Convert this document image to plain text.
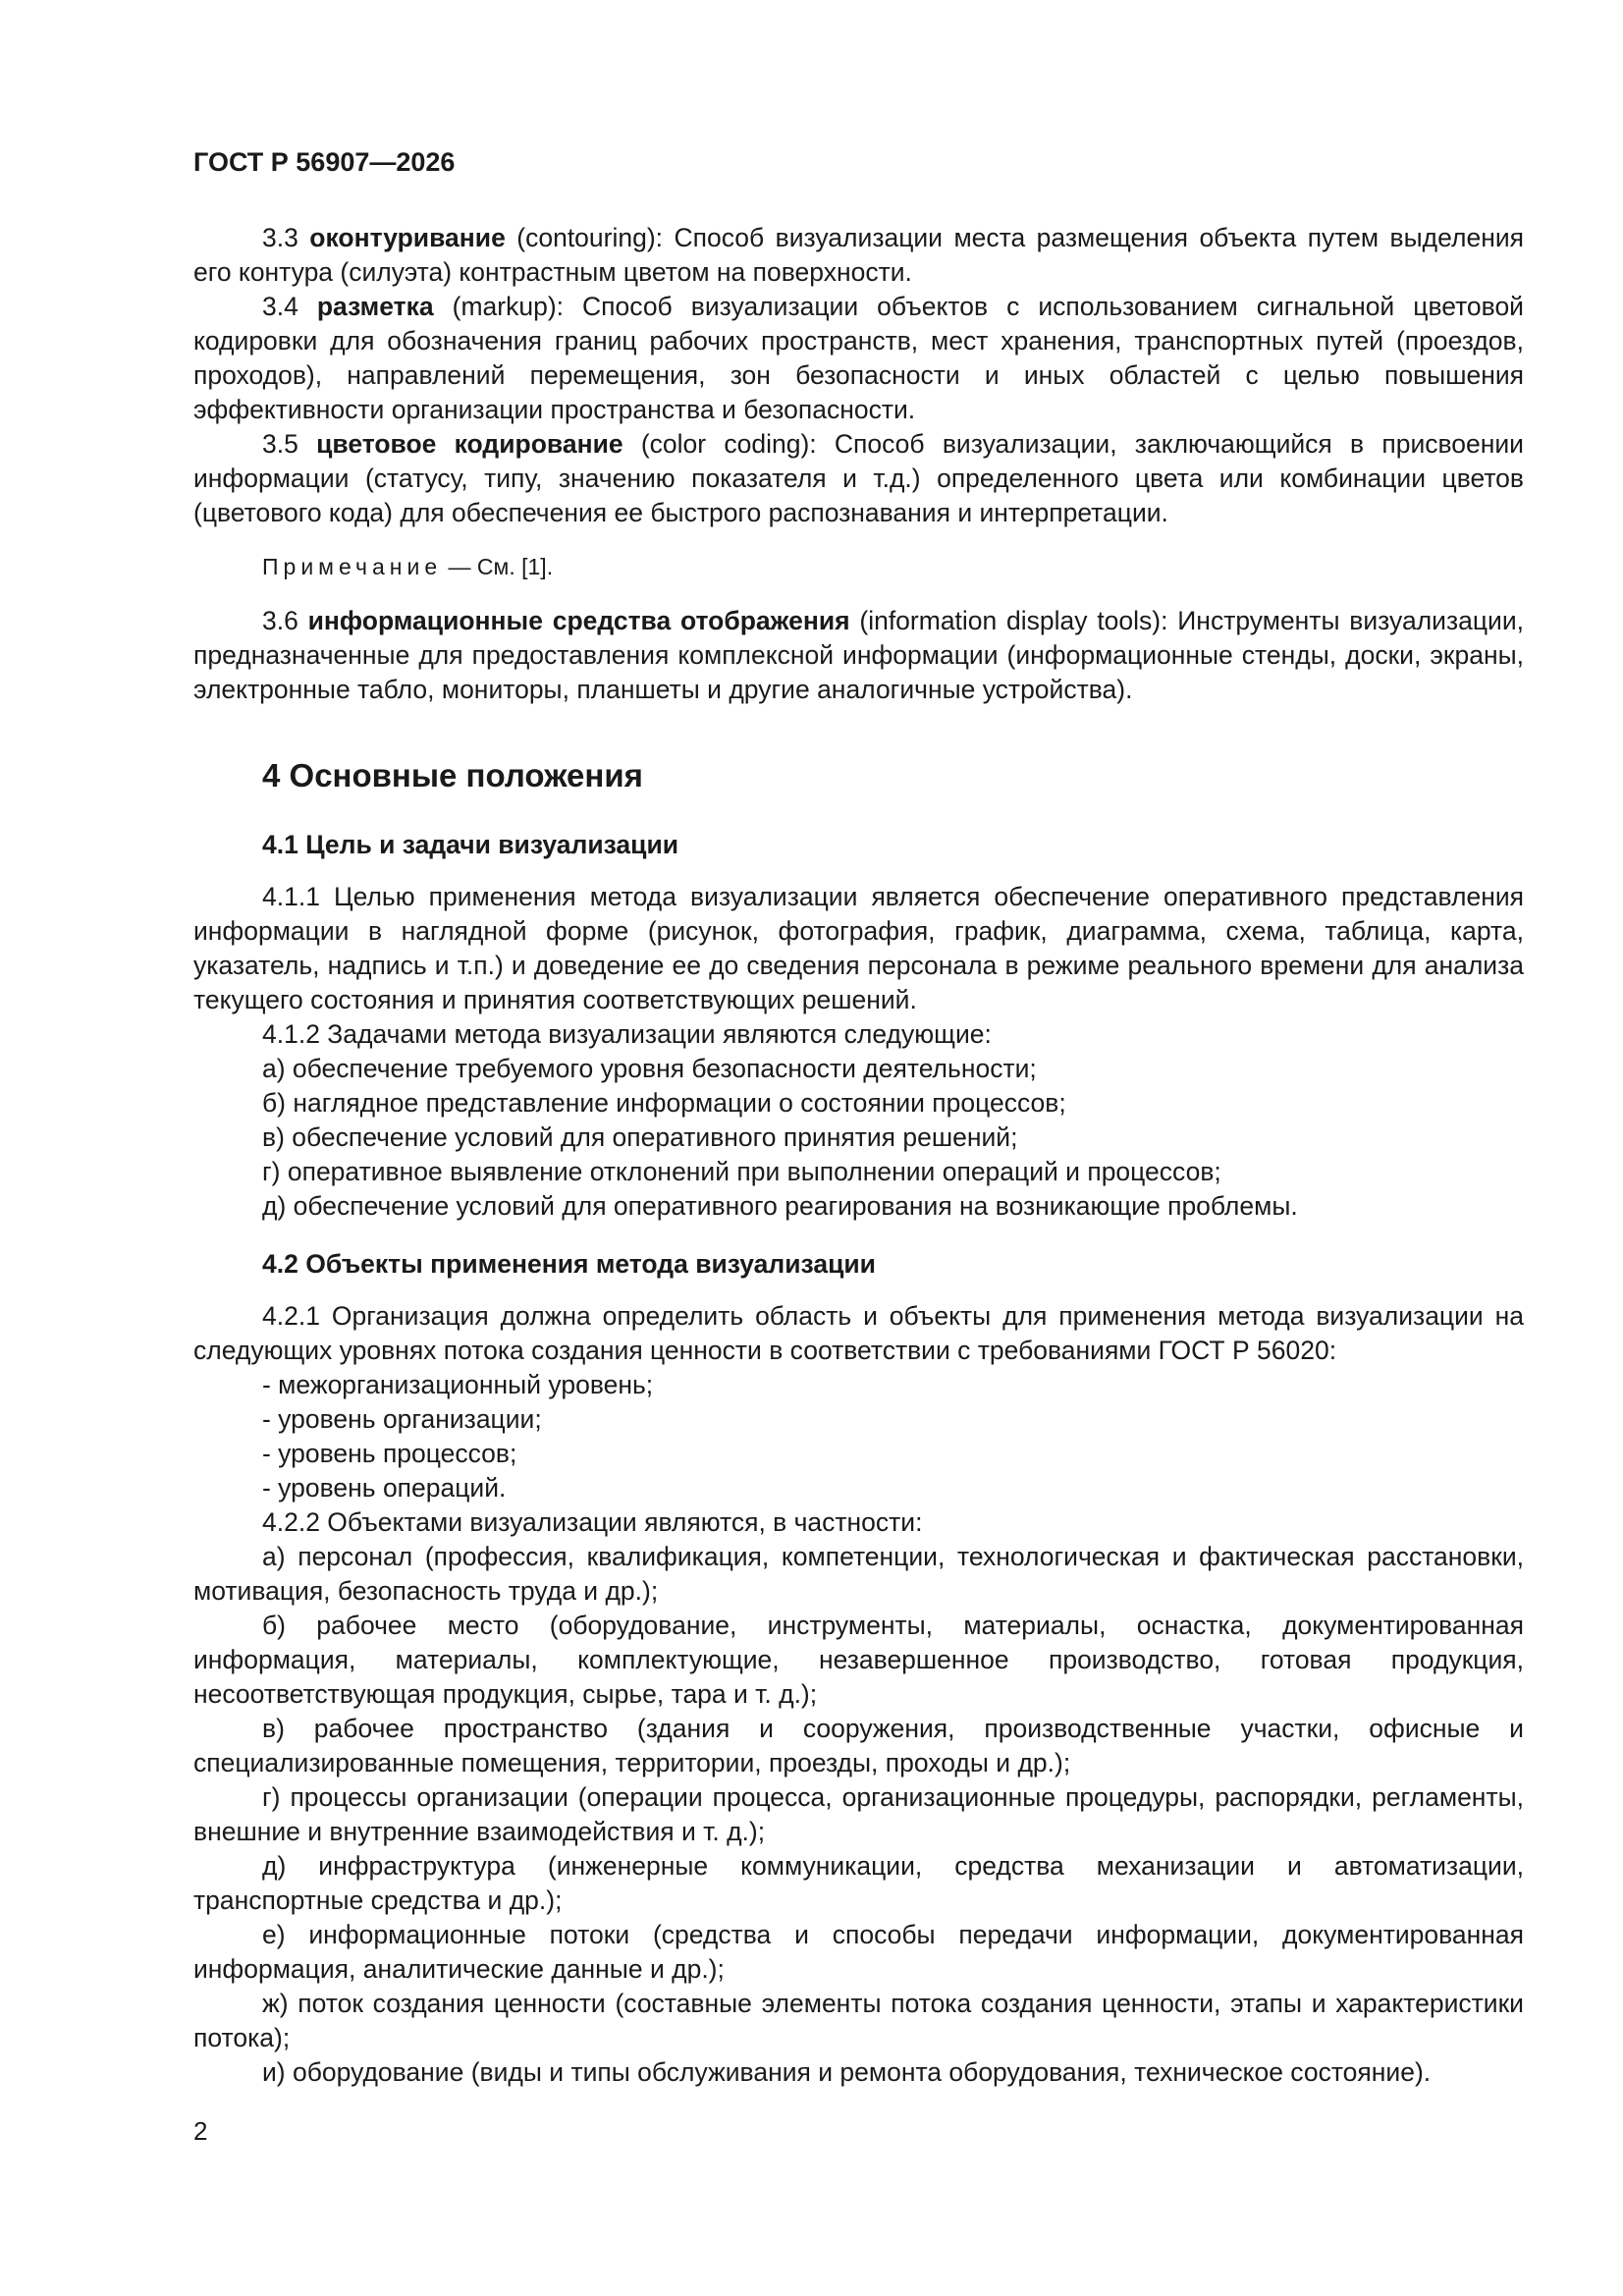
ГОСТ Р 56907—2026

3.3 оконтуривание (contouring): Способ визуализации места размещения объекта путем выделения его контура (силуэта) контрастным цветом на поверхности.

3.4 разметка (markup): Способ визуализации объектов с использованием сигнальной цветовой кодировки для обозначения границ рабочих пространств, мест хранения, транспортных путей (проездов, проходов), направлений перемещения, зон безопасности и иных областей с целью повышения эффективности организации пространства и безопасности.

3.5 цветовое кодирование (color coding): Способ визуализации, заключающийся в присвоении информации (статусу, типу, значению показателя и т.д.) определенного цвета или комбинации цветов (цветового кода) для обеспечения ее быстрого распознавания и интерпретации.

Примечание — См. [1].

3.6 информационные средства отображения (information display tools): Инструменты визуализации, предназначенные для предоставления комплексной информации (информационные стенды, доски, экраны, электронные табло, мониторы, планшеты и другие аналогичные устройства).

4 Основные положения
4.1 Цель и задачи визуализации

4.1.1 Целью применения метода визуализации является обеспечение оперативного представления информации в наглядной форме (рисунок, фотография, график, диаграмма, схема, таблица, карта, указатель, надпись и т.п.) и доведение ее до сведения персонала в режиме реального времени для анализа текущего состояния и принятия соответствующих решений.

4.1.2 Задачами метода визуализации являются следующие:

а) обеспечение требуемого уровня безопасности деятельности;

б) наглядное представление информации о состоянии процессов;

в) обеспечение условий для оперативного принятия решений;

г) оперативное выявление отклонений при выполнении операций и процессов;

д) обеспечение условий для оперативного реагирования на возникающие проблемы.

4.2 Объекты применения метода визуализации

4.2.1 Организация должна определить область и объекты для применения метода визуализации на следующих уровнях потока создания ценности в соответствии с требованиями ГОСТ Р 56020:

- межорганизационный уровень;

- уровень организации;

- уровень процессов;

- уровень операций.

4.2.2 Объектами визуализации являются, в частности:

а) персонал (профессия, квалификация, компетенции, технологическая и фактическая расстановки, мотивация, безопасность труда и др.);

б) рабочее место (оборудование, инструменты, материалы, оснастка, документированная информация, материалы, комплектующие, незавершенное производство, готовая продукция, несоответствующая продукция, сырье, тара и т. д.);

в) рабочее пространство (здания и сооружения, производственные участки, офисные и специализированные помещения, территории, проезды, проходы и др.);

г) процессы организации (операции процесса, организационные процедуры, распорядки, регламенты, внешние и внутренние взаимодействия и т. д.);

д) инфраструктура (инженерные коммуникации, средства механизации и автоматизации, транспортные средства и др.);

е) информационные потоки (средства и способы передачи информации, документированная информация, аналитические данные и др.);

ж) поток создания ценности (составные элементы потока создания ценности, этапы и характеристики потока);

и) оборудование (виды и типы обслуживания и ремонта оборудования, техническое состояние).

2
